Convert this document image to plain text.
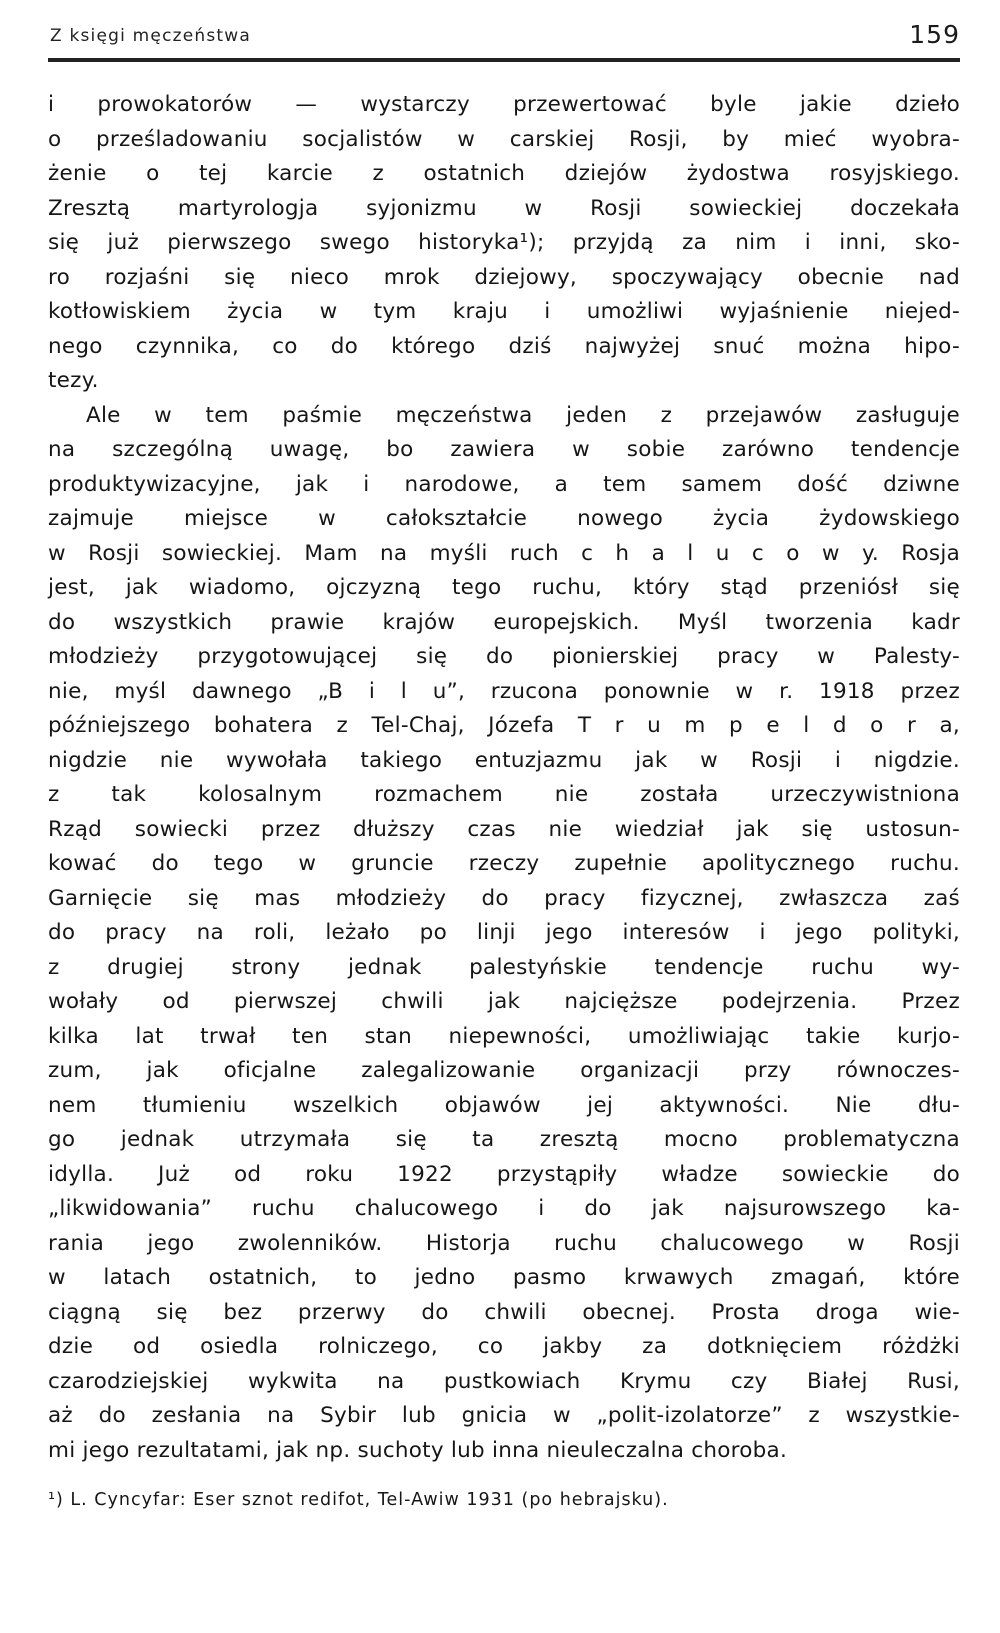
Z księgi męczeństwa	159
i prowokatorów — wystarczy przewertować byle jakie dzieło
o prześladowaniu socjalistów w carskiej Rosji, by mieć wyobra-
żenie o tej karcie z ostatnich dziejów żydostwa rosyjskiego.
Zresztą martyrologja syjonizmu w Rosji sowieckiej doczekała
się już pierwszego swego historyka¹); przyjdą za nim i inni, sko-
ro rozjaśni się nieco mrok dziejowy, spoczywający obecnie nad
kotłowiskiem życia w tym kraju i umożliwi wyjaśnienie niejed-
nego czynnika, co do którego dziś najwyżej snuć można hipo-
tezy.
Ale w tem paśmie męczeństwa jeden z przejawów zasługuje
na szczególną uwagę, bo zawiera w sobie zarówno tendencje
produktywizacyjne, jak i narodowe, a tem samem dość dziwne
zajmuje miejsce w całokształcie nowego życia żydowskiego
w Rosji sowieckiej. Mam na myśli ruch c h a l u c o w y. Rosja
jest, jak wiadomo, ojczyzną tego ruchu, który stąd przeniósł się
do wszystkich prawie krajów europejskich. Myśl tworzenia kadr
młodzieży przygotowującej się do pionierskiej pracy w Palesty-
nie, myśl dawnego „B i l u”, rzucona ponownie w r. 1918 przez
późniejszego bohatera z Tel-Chaj, Józefa T r u m p e l d o r a,
nigdzie nie wywołała takiego entuzjazmu jak w Rosji i nigdzie.
z tak kolosalnym rozmachem nie została urzeczywistniona
Rząd sowiecki przez dłuższy czas nie wiedział jak się ustosun-
kować do tego w gruncie rzeczy zupełnie apolitycznego ruchu.
Garnięcie się mas młodzieży do pracy fizycznej, zwłaszcza zaś
do pracy na roli, leżało po linji jego interesów i jego polityki,
z drugiej strony jednak palestyńskie tendencje ruchu wy-
wołały od pierwszej chwili jak najcięższe podejrzenia. Przez
kilka lat trwał ten stan niepewności, umożliwiając takie kurjo-
zum, jak oficjalne zalegalizowanie organizacji przy równoczes-
nem tłumieniu wszelkich objawów jej aktywności. Nie dłu-
go jednak utrzymała się ta zresztą mocno problematyczna
idylla. Już od roku 1922 przystąpiły władze sowieckie do
„likwidowania” ruchu chalucowego i do jak najsurowszego ka-
rania jego zwolenników. Historja ruchu chalucowego w Rosji
w latach ostatnich, to jedno pasmo krwawych zmagań, które
ciągną się bez przerwy do chwili obecnej. Prosta droga wie-
dzie od osiedla rolniczego, co jakby za dotknięciem różdżki
czarodziejskiej wykwita na pustkowiach Krymu czy Białej Rusi,
aż do zesłania na Sybir lub gnicia w „polit-izolatorze” z wszystkie-
mi jego rezultatami, jak np. suchoty lub inna nieuleczalna choroba.
¹) L. Cyncyfar: Eser sznot redifot, Tel-Awiw 1931 (po hebrajsku).
